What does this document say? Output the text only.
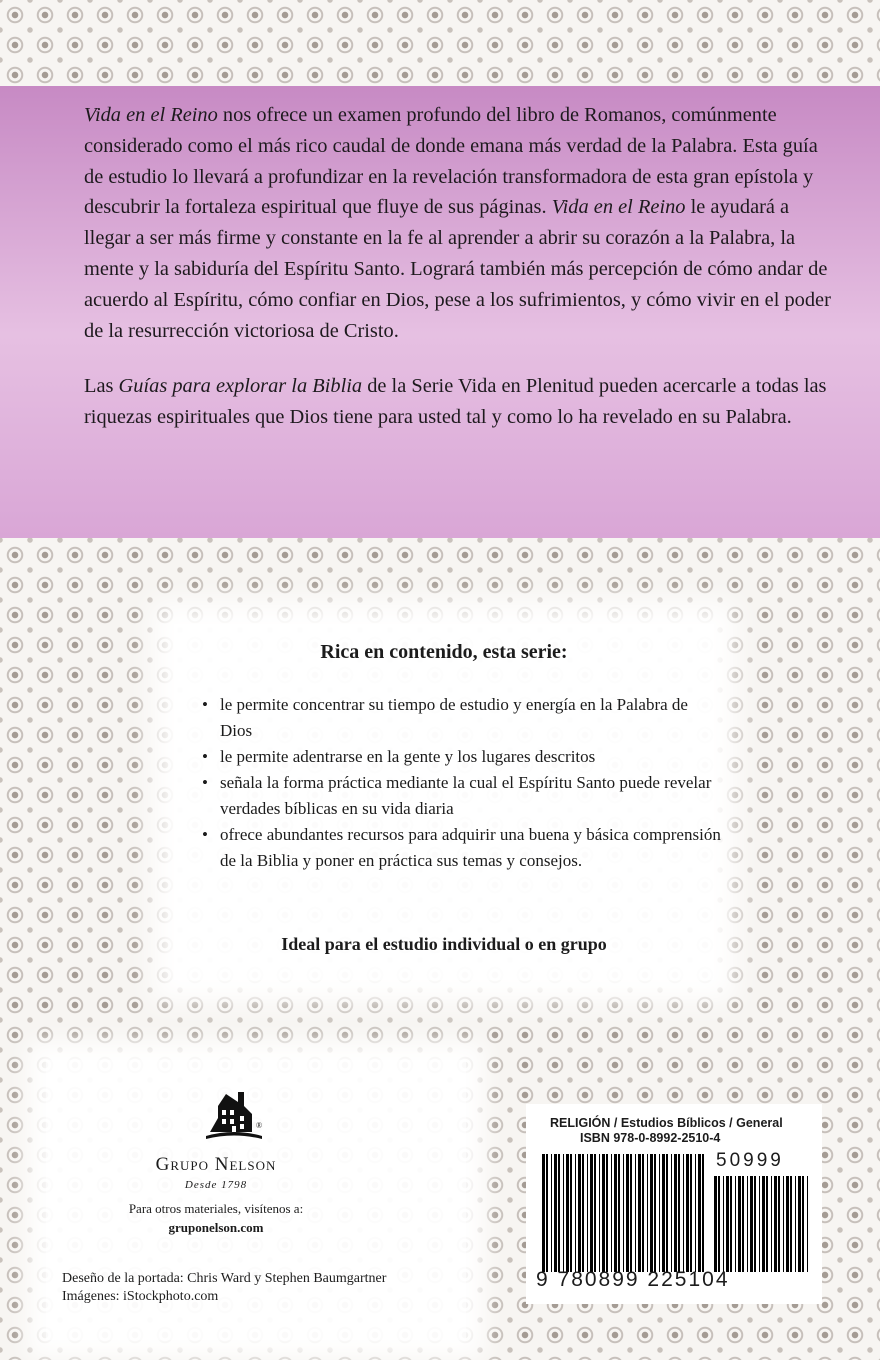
Vida en el Reino nos ofrece un examen profundo del libro de Romanos, comúnmente considerado como el más rico caudal de donde emana más verdad de la Palabra. Esta guía de estudio lo llevará a profundizar en la revelación transformadora de esta gran epístola y descubrir la fortaleza espiritual que fluye de sus páginas. Vida en el Reino le ayudará a llegar a ser más firme y constante en la fe al aprender a abrir su corazón a la Palabra, la mente y la sabiduría del Espíritu Santo. Logrará también más percepción de cómo andar de acuerdo al Espíritu, cómo confiar en Dios, pese a los sufrimientos, y cómo vivir en el poder de la resurrección victoriosa de Cristo.

Las Guías para explorar la Biblia de la Serie Vida en Plenitud pueden acercarle a todas las riquezas espirituales que Dios tiene para usted tal y como lo ha revelado en su Palabra.

Rica en contenido, esta serie:
• le permite concentrar su tiempo de estudio y energía en la Palabra de Dios
• le permite adentrarse en la gente y los lugares descritos
• señala la forma práctica mediante la cual el Espíritu Santo puede revelar verdades bíblicas en su vida diaria
• ofrece abundantes recursos para adquirir una buena y básica comprensión de la Biblia y poner en práctica sus temas y consejos.
Ideal para el estudio individual o en grupo
®
Grupo Nelson
Desde 1798
Para otros materiales, visítenos a:
gruponelson.com
Deseño de la portada: Chris Ward y Stephen Baumgartner
Imágenes: iStockphoto.com
RELIGIÓN / Estudios Bíblicos / General
ISBN 978-0-8992-2510-4
50999
9 780899 225104
